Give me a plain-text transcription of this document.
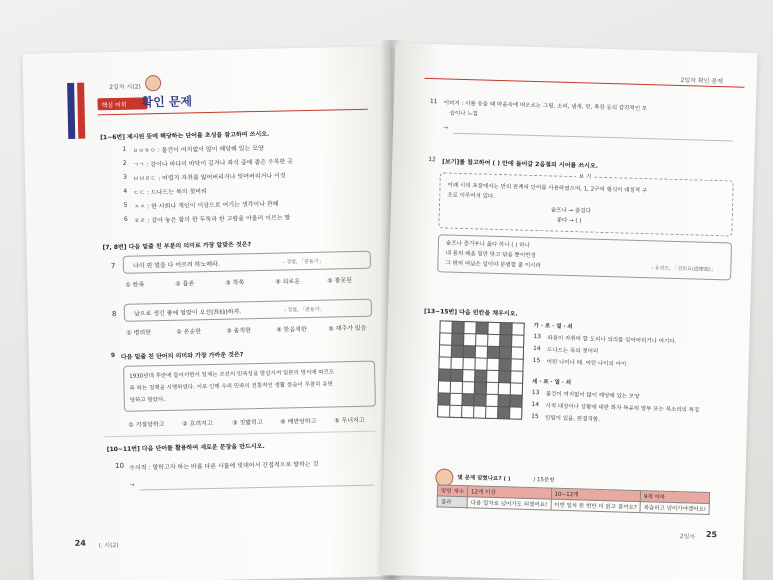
2일차 시(2)
핵심 어휘 확인 문제
[1~6번] 제시된 뜻에 해당하는 단어를 초성을 참고하여 쓰시오.
1 ㅇㅇㅎㅇ : 물건이 여지없이 많이 해당해 있는 모양
2 ㄱㄱ : 강이나 바다의 바닥이 깊거나 좌석 중에 좁은 우묵한 곳
3 ㅂㅂㄹㄷ : 어렵지 자취를 잃어버리거나 잊어버리거나 이것
4 ㄷㄷ : 드나드는 목의 첫머리
5 ㅈㅈ : 한 사회나 개인이 이상으로 여기는 생각이나 관해
6 ㅎㄹ : 같아 놓은 참의 한 두둑과 한 고랑을 아울러 이르는 말
[7, 8번] 다음 밑줄 친 부분의 의미로 가장 알맞은 것은?
7	나의 핀 얼을 다 어르려 하노매라.	- 정철, 「관동가」
① 완족	② 흡존	③ 착쪽	④ 외로운	⑤ 찰못된
8	남으로 생긴 좋에 얼맞이 오선(吾仙)하자.	- 정철, 「관동가」
① 병리한	② 온순한	③ 솔직한	④ 한음직한	⑤ 재주가 있음
9 다음 밑줄 친 단어의 의미와 가장 가까운 것은?
1930년대 후반에 들어서면서 일제는 조선의 민족성을 말살시켜 일본의 방식에 따르도
록 하는 정책을 시행하였다. 이로 인해 우리 민족의 전통적인 생활 풍습이 무참히 유린
당하고 말았다.
① 거절당하고	② 흐려지고	③ 짓밟히고	④ 배반당하고	⑤ 무너지고
[10~11번] 다음 단어를 활용하여 새로운 문장을 만드시오.
10 우의적 : 말하고자 하는 바를 다른 사물에 빗대어서 간접적으로 말하는 것
→
24 Ⅰ. 시(2)
2일차 확인 문제
11 이미지 : 사물 등을 때 마음속에 떠오르는 그림, 소리, 냄새, 맛, 촉감 등의 감각적인 모
습이나 느낌
→
12 [보기]를 참고하여 ( ) 안에 들어갈 2음절의 시어를 쓰시오.
보 기
이래 시의 초장에서는 반의 관계의 단어를 사용하였으며, 1, 2구의 형식이 대칭적 구
조로 이루어져 있다.
슬프나 → 즐겁다
좋다 → ( )
슬프나 즐거우나 옳다 하나 ( ) 하나
내 몸의 해올 일만 닦고 닦을 뿐이언정
그 밖의 여남은 일이야 분별할 줄 이시라	- 유선도, 「견회요(遣懷謠)」
[13~15번] 다음 빈칸을 채우시오.
가 · 로 · 열 · 쇠
13 따옴이 자취마 할 도리나 의리를 잊어버리거나 어기다.
14 드나드는 목의 첫머리
15 어린 나이나 때. 어린 나이의 아이
세 · 로 · 열 · 쇠
13 물건이 여지없이 많이 해당해 있는 모양
14 시적 대상이나 상황에 대한 화자 특유의 말투 또는 목소리의 특징
15 틴팀이 있음, 한결직함.
몇 문제 맞혔나요? ( )	/ 15문항
맞힌 개수	12개 이상	10~12개	9개 이하
결과	다음 일차로 넘어가도 되겠어요!	이번 일차 한 번만 더 읽고 잘까요?	복습하고 넘어가야겠어요!
2일차 25
